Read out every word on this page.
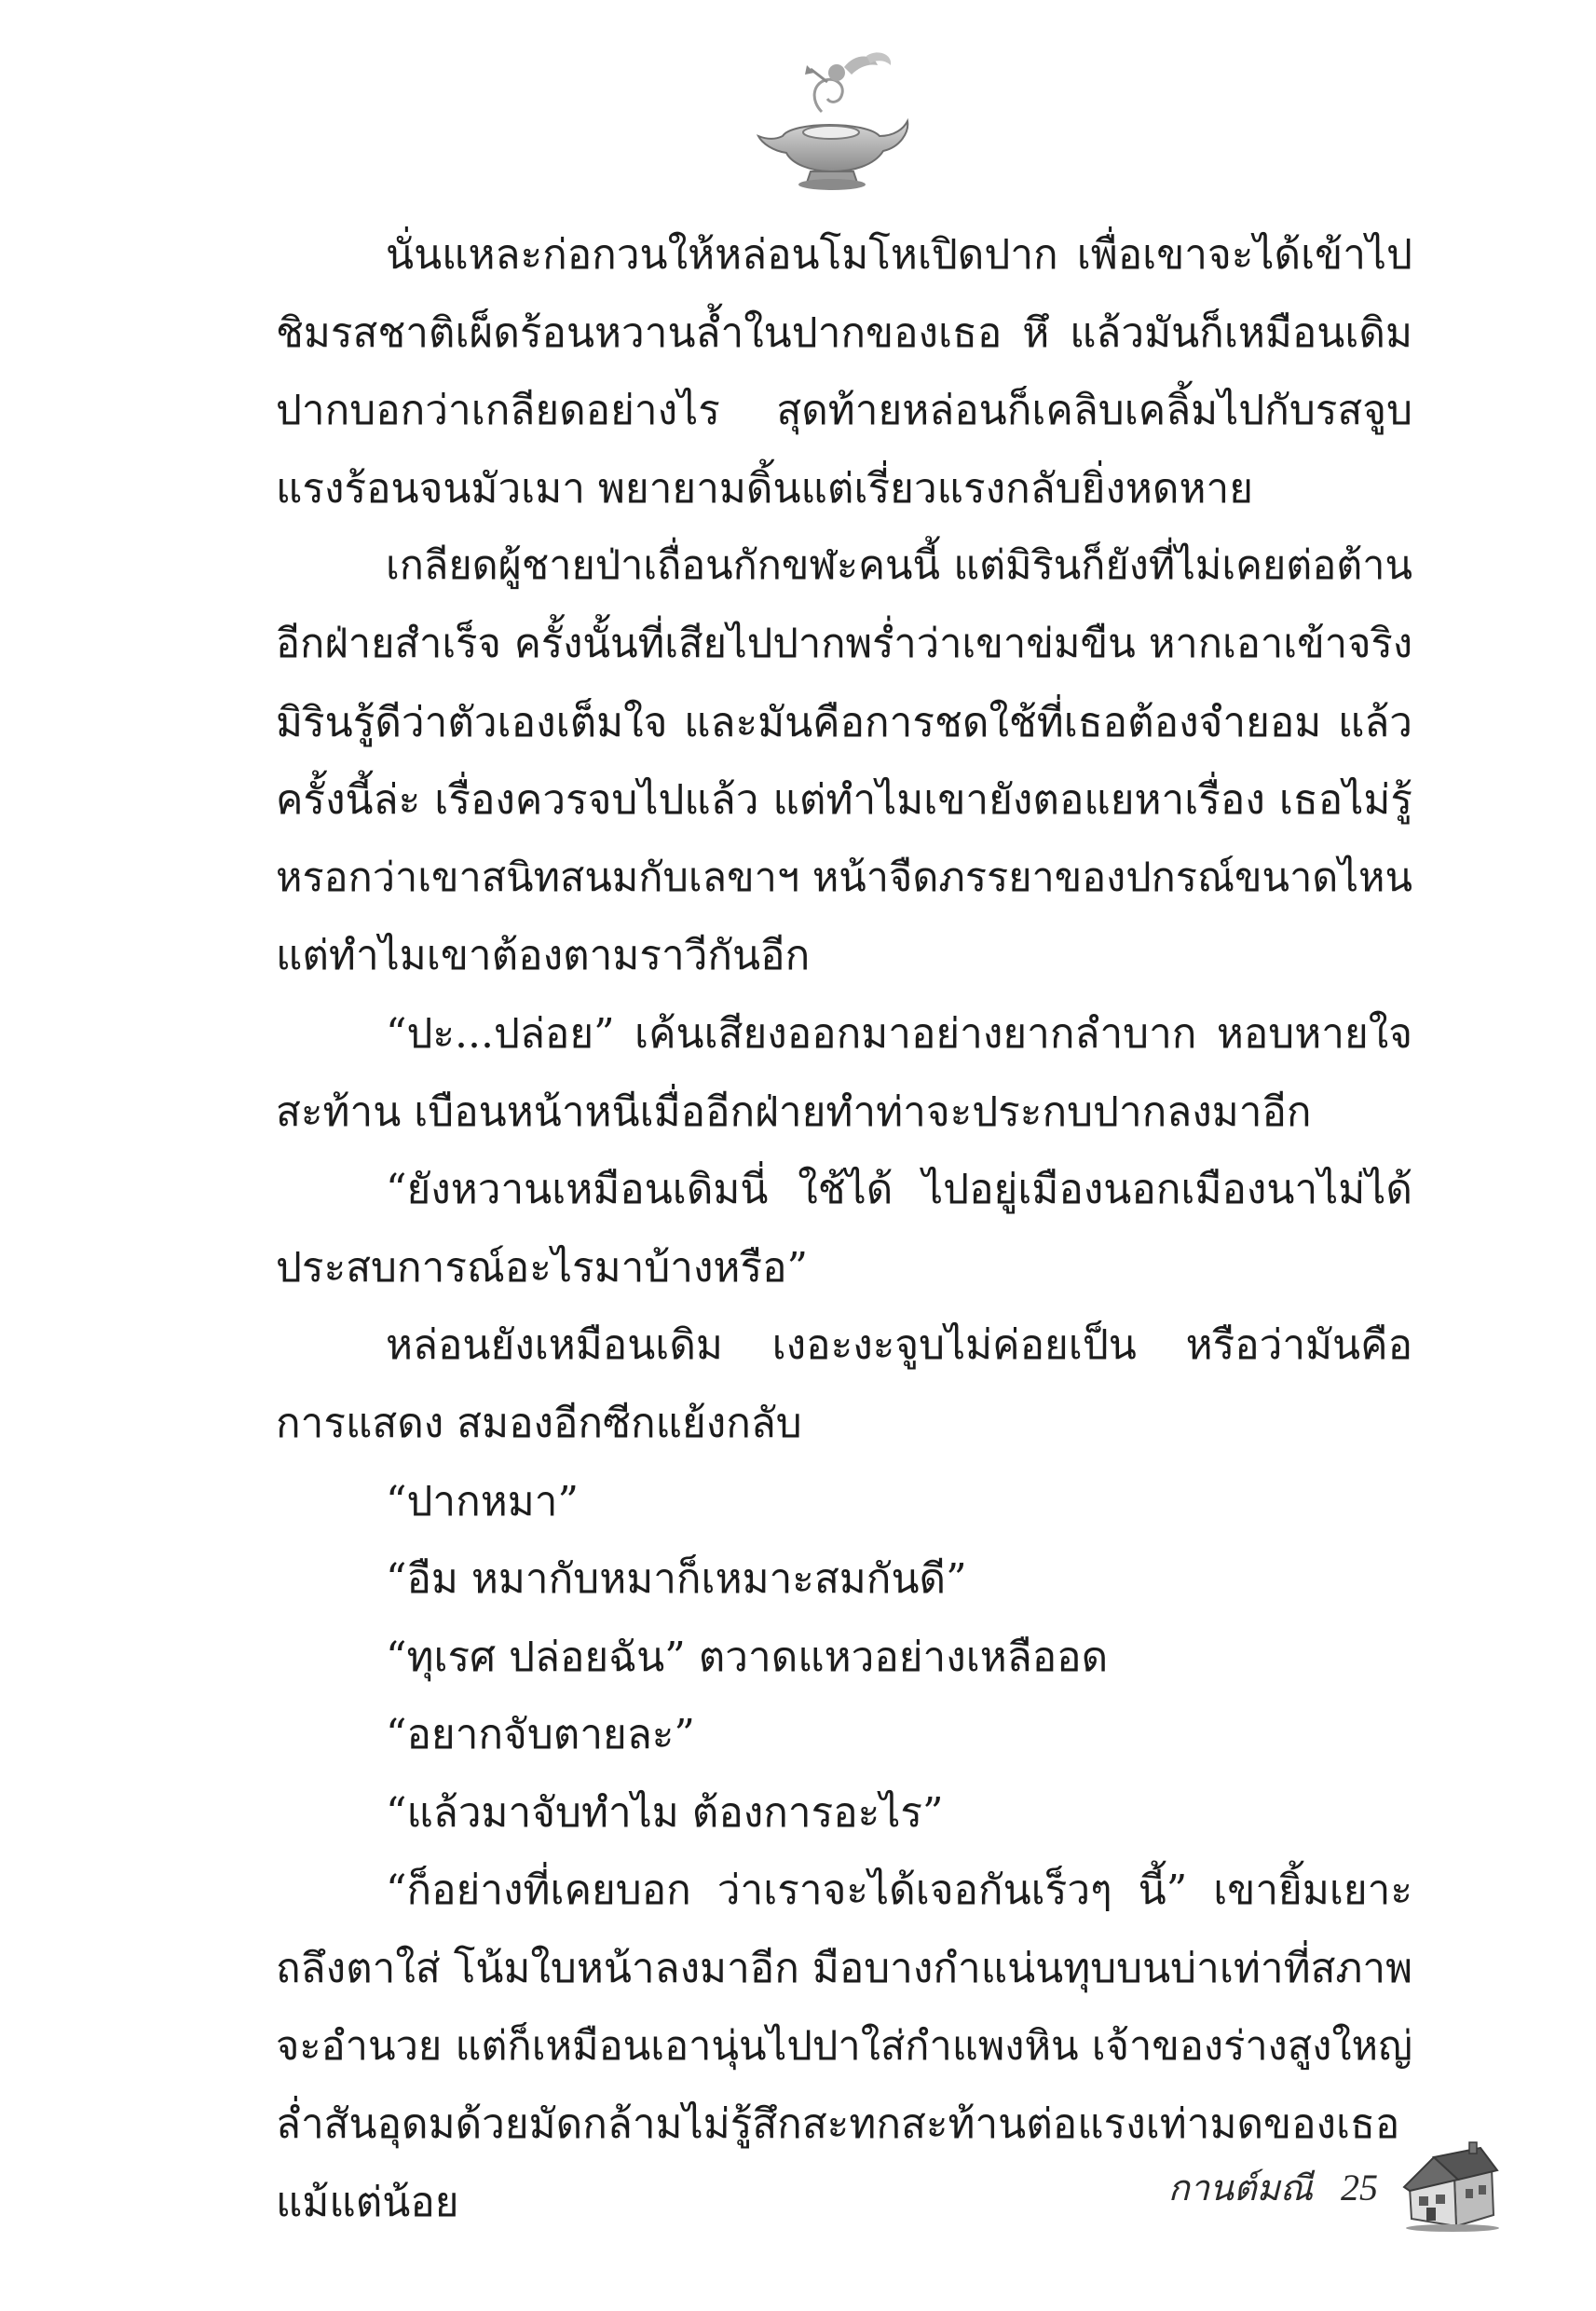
นั่นแหละก่อกวนให้หล่อนโมโหเปิดปาก เพื่อเขาจะได้เข้าไป
ชิมรสชาติเผ็ดร้อนหวานล้ำในปากของเธอ หึ แล้วมันก็เหมือนเดิม
ปากบอกว่าเกลียดอย่างไร สุดท้ายหล่อนก็เคลิบเคลิ้มไปกับรสจูบ
แรงร้อนจนมัวเมา พยายามดิ้นแต่เรี่ยวแรงกลับยิ่งหดหาย
เกลียดผู้ชายป่าเถื่อนกักขฬะคนนี้ แต่มิรินก็ยังที่ไม่เคยต่อต้าน
อีกฝ่ายสำเร็จ ครั้งนั้นที่เสียไปปากพร่ำว่าเขาข่มขืน หากเอาเข้าจริง
มิรินรู้ดีว่าตัวเองเต็มใจ และมันคือการชดใช้ที่เธอต้องจำยอม แล้ว
ครั้งนี้ล่ะ เรื่องควรจบไปแล้ว แต่ทำไมเขายังตอแยหาเรื่อง เธอไม่รู้
หรอกว่าเขาสนิทสนมกับเลขาฯ หน้าจืดภรรยาของปกรณ์ขนาดไหน
แต่ทำไมเขาต้องตามราวีกันอีก
“ปะ...ปล่อย” เค้นเสียงออกมาอย่างยากลำบาก หอบหายใจ
สะท้าน เบือนหน้าหนีเมื่ออีกฝ่ายทำท่าจะประกบปากลงมาอีก
“ยังหวานเหมือนเดิมนี่ ใช้ได้ ไปอยู่เมืองนอกเมืองนาไม่ได้
ประสบการณ์อะไรมาบ้างหรือ”
หล่อนยังเหมือนเดิม เงอะงะจูบไม่ค่อยเป็น หรือว่ามันคือ
การแสดง สมองอีกซีกแย้งกลับ
“ปากหมา”
“อืม หมากับหมาก็เหมาะสมกันดี”
“ทุเรศ ปล่อยฉัน” ตวาดแหวอย่างเหลืออด
“อยากจับตายละ”
“แล้วมาจับทำไม ต้องการอะไร”
“ก็อย่างที่เคยบอก ว่าเราจะได้เจอกันเร็วๆ นี้” เขายิ้มเยาะ
ถลึงตาใส่ โน้มใบหน้าลงมาอีก มือบางกำแน่นทุบบนบ่าเท่าที่สภาพ
จะอำนวย แต่ก็เหมือนเอานุ่นไปปาใส่กำแพงหิน เจ้าของร่างสูงใหญ่
ล่ำสันอุดมด้วยมัดกล้ามไม่รู้สึกสะทกสะท้านต่อแรงเท่ามดของเธอ
แม้แต่น้อย	กานต์มณี 25
